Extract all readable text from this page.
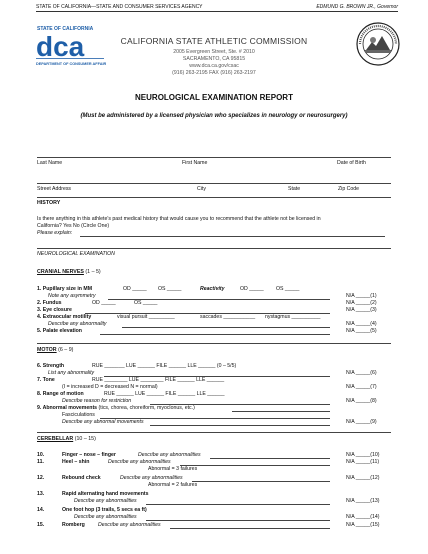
STATE OF CALIFORNIA—STATE AND CONSUMER SERVICES AGENCY	EDMUND G. BROWN JR., Governor
STATE OF CALIFORNIA
dca
DEPARTMENT OF CONSUMER AFFAIRS
CALIFORNIA STATE ATHLETIC COMMISSION
2005 Evergreen Street, Ste. # 2010
SACRAMENTO, CA 95815
www.dca.ca.gov/csac
(916) 263-2195 FAX (916) 263-2197
NEUROLOGICAL EXAMINATION REPORT
(Must be administered by a licensed physician who specializes in neurology or neurosurgery)
Last Name	First Name	Date of Birth
Street Address	City	State	Zip Code
HISTORY
Is there anything in this athlete's past medical history that would cause you to recommend that the athlete not be licensed in
California? Yes No (Circle One)
Please explain:
NEUROLOGICAL EXAMINATION
CRANIAL NERVES (1 – 5)
1. Pupillary size in MM	OD _____ OS _____	Reactivity	OD _____ OS _____
Note any asymmetry	N/A _____(1)
2. Fundus	OD _____	OS _____	N/A _____(2)
3. Eye closure	N/A _____(3)
4. Extraocular motility	visual pursuit _________	saccades ___________ nystagmus __________
Describe any abnormality	N/A _____(4)
5. Palate elevation	N/A _____(5)
MOTOR (6 – 9)
6. Strength	RUE _______ LUE ______ FILE ______ LLE ______ (0 – 5/5)
List any abnormality	N/A _____(6)
7. Tone	RUE ________ LUE ________ FILE ______ LLE ______
(I = increased D = decreased N = normal)	N/A _____(7)
8. Range of motion	RUE ______ LUE ______ FILE ______ LLE ______
Describe reason for restriction	N/A _____(8)
9. Abnormal movements (tics, chorea, choreiform, myoclonus, etc.)
Fasciculations
Describe any abnormal movements	N/A _____(9)
CEREBELLAR (10 – 15)
10.	Finger – nose – finger	Describe any abnormalities	N/A _____(10)
11.	Heel – shin	Describe any abnormalities	N/A _____(11)
Abnormal = 3 failures
12.	Rebound check	Describe any abnormalities	N/A _____(12)
Abnormal = 2 failures
13.	Rapid alternating hand movements
Describe any abnormalities	N/A _____(13)
14.	One foot hop (3 trails, 5 secs ea ft)
Describe any abnormalities	N/A _____(14)
15.	Romberg	Describe any abnormalities	N/A _____(15)
